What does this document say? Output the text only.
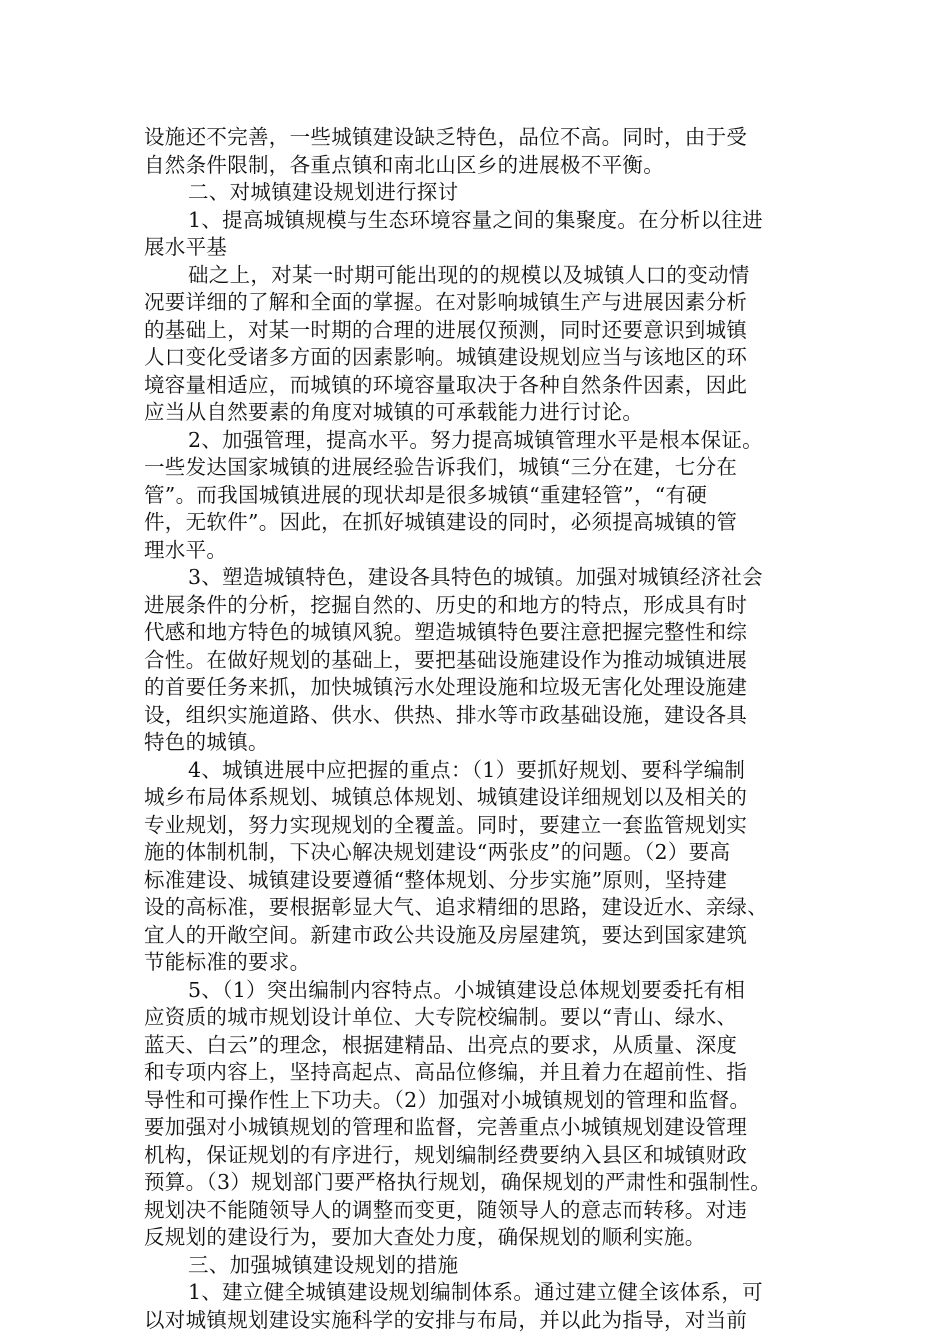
设施还不完善，一些城镇建设缺乏特色，品位不高。同时，由于受
自然条件限制，各重点镇和南北山区乡的进展极不平衡。
二、对城镇建设规划进行探讨
1、提高城镇规模与生态环境容量之间的集聚度。在分析以往进
展水平基
础之上，对某一时期可能出现的的规模以及城镇人口的变动情
况要详细的了解和全面的掌握。在对影响城镇生产与进展因素分析
的基础上，对某一时期的合理的进展仅预测，同时还要意识到城镇
人口变化受诸多方面的因素影响。城镇建设规划应当与该地区的环
境容量相适应，而城镇的环境容量取决于各种自然条件因素，因此
应当从自然要素的角度对城镇的可承载能力进行讨论。
2、加强管理，提高水平。努力提高城镇管理水平是根本保证。
一些发达国家城镇的进展经验告诉我们，城镇“三分在建，七分在
管”。而我国城镇进展的现状却是很多城镇“重建轻管”，“有硬
件，无软件”。因此，在抓好城镇建设的同时，必须提高城镇的管
理水平。
3、塑造城镇特色，建设各具特色的城镇。加强对城镇经济社会
进展条件的分析，挖掘自然的、历史的和地方的特点，形成具有时
代感和地方特色的城镇风貌。塑造城镇特色要注意把握完整性和综
合性。在做好规划的基础上，要把基础设施建设作为推动城镇进展
的首要任务来抓，加快城镇污水处理设施和垃圾无害化处理设施建
设，组织实施道路、供水、供热、排水等市政基础设施，建设各具
特色的城镇。
4、城镇进展中应把握的重点：（1）要抓好规划、要科学编制
城乡布局体系规划、城镇总体规划、城镇建设详细规划以及相关的
专业规划，努力实现规划的全覆盖。同时，要建立一套监管规划实
施的体制机制，下决心解决规划建设“两张皮”的问题。（2）要高
标准建设、城镇建设要遵循“整体规划、分步实施”原则，坚持建
设的高标准，要根据彰显大气、追求精细的思路，建设近水、亲绿、
宜人的开敞空间。新建市政公共设施及房屋建筑，要达到国家建筑
节能标准的要求。
5、（1）突出编制内容特点。小城镇建设总体规划要委托有相
应资质的城市规划设计单位、大专院校编制。要以“青山、绿水、
蓝天、白云”的理念，根据建精品、出亮点的要求，从质量、深度
和专项内容上，坚持高起点、高品位修编，并且着力在超前性、指
导性和可操作性上下功夫。（2）加强对小城镇规划的管理和监督。
要加强对小城镇规划的管理和监督，完善重点小城镇规划建设管理
机构，保证规划的有序进行，规划编制经费要纳入县区和城镇财政
预算。（3）规划部门要严格执行规划，确保规划的严肃性和强制性。
规划决不能随领导人的调整而变更，随领导人的意志而转移。对违
反规划的建设行为，要加大查处力度，确保规划的顺利实施。
三、加强城镇建设规划的措施
1、建立健全城镇建设规划编制体系。通过建立健全该体系，可
以对城镇规划建设实施科学的安排与布局，并以此为指导，对当前
